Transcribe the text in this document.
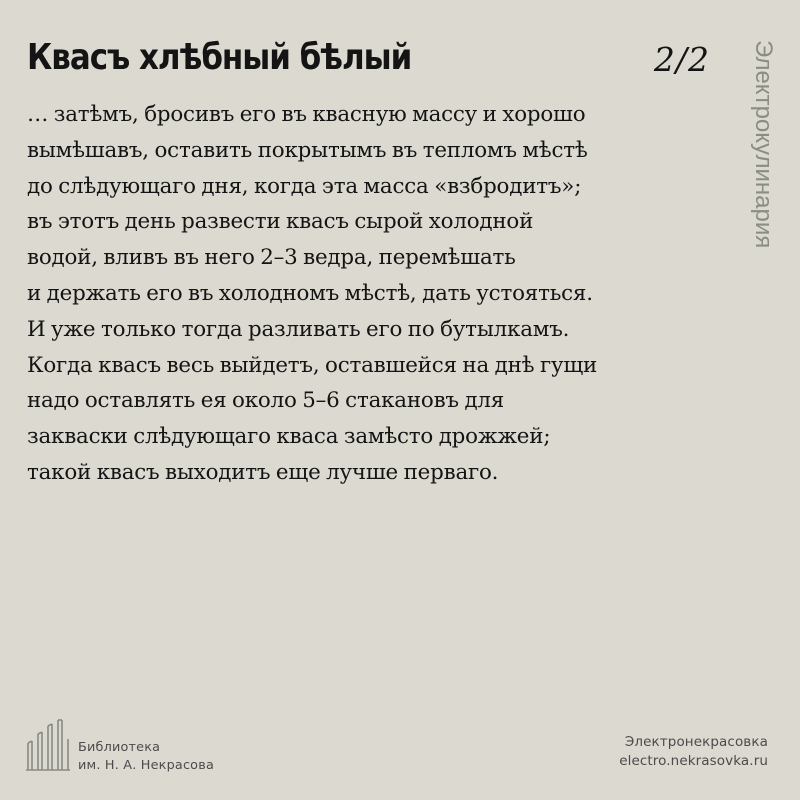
Квасъ хлѣбный бѣлый	2/2 Электрокулинария
… затѣмъ, бросивъ его въ квасную массу и хорошо
вымѣшавъ, оставить покрытымъ въ тепломъ мѣстѣ
до слѣдующаго дня, когда эта масса «взбродитъ»;
въ этотъ день развести квасъ сырой холодной
водой, вливъ въ него 2–3 ведра, перемѣшать
и держать его въ холодномъ мѣстѣ, дать устояться.
И уже только тогда разливать его по бутылкамъ.
Когда квасъ весь выйдетъ, оставшейся на днѣ гущи
надо оставлять ея около 5–6 стакановъ для
закваски слѣдующаго кваса замѣсто дрожжей;
такой квасъ выходитъ еще лучше перваго.
Библиотека
им. Н. А. Некрасова
Электронекрасовка
electro.nekrasovka.ru
